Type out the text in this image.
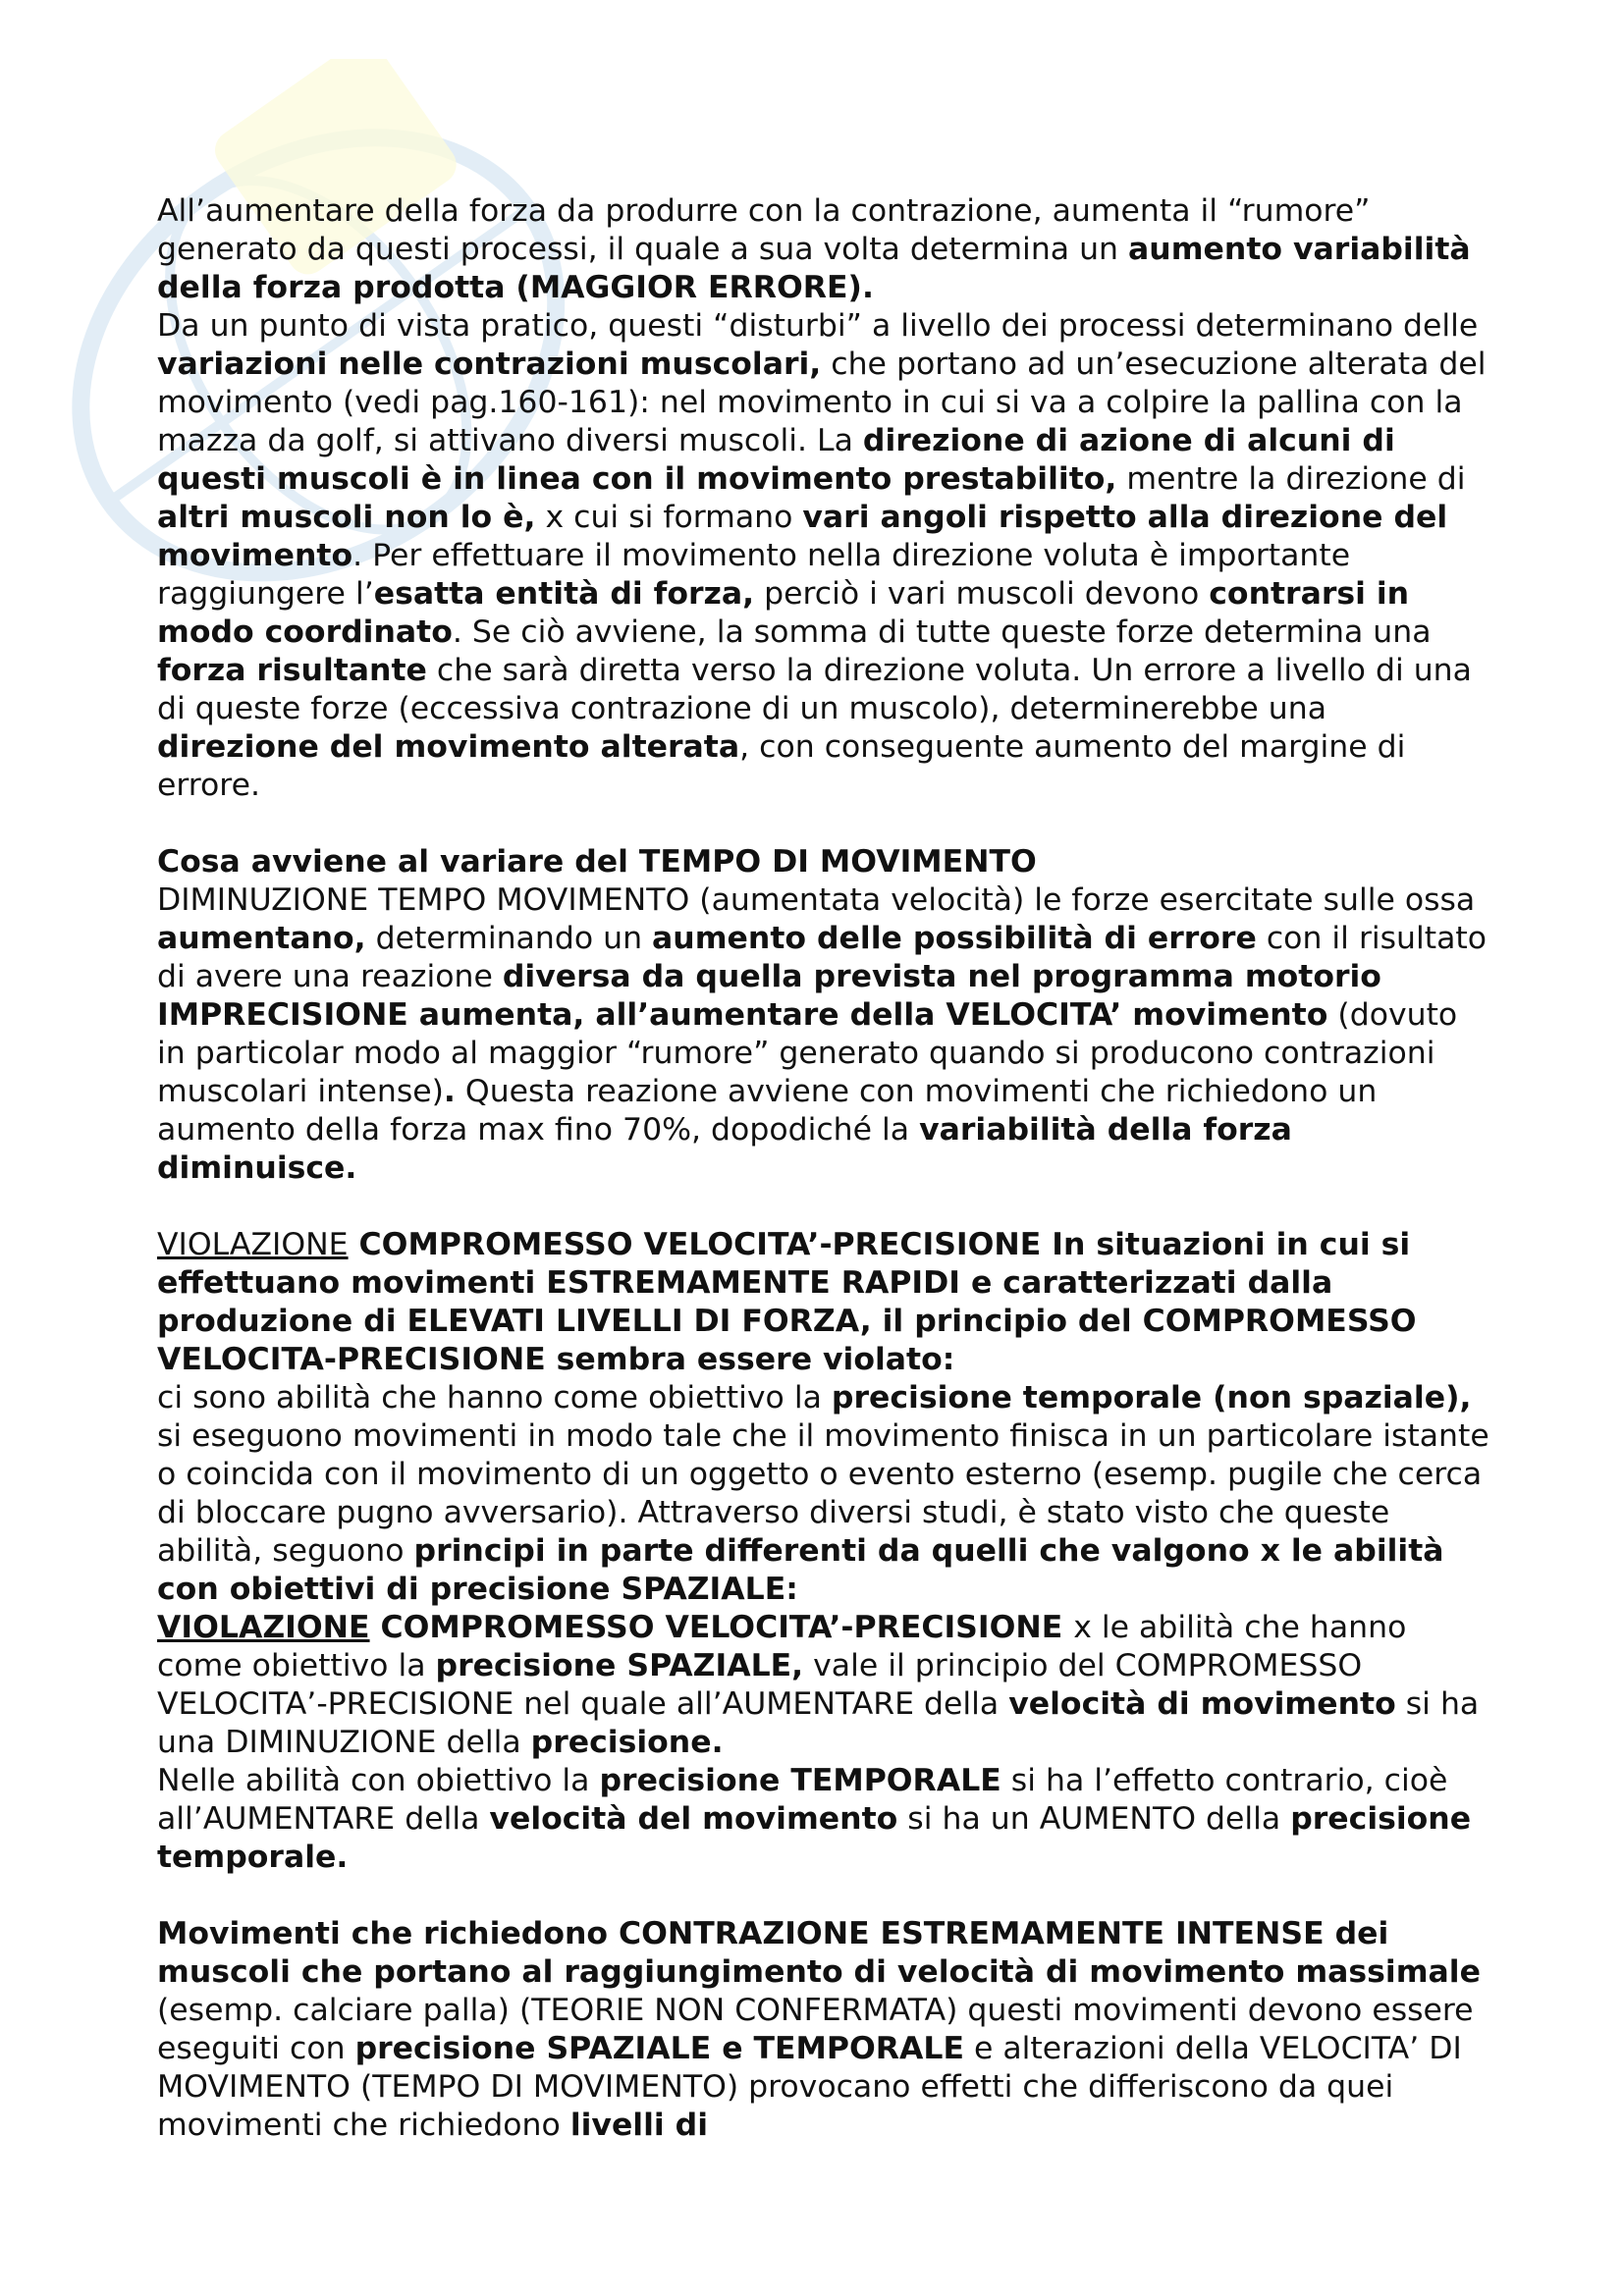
All’aumentare della forza da produrre con la contrazione, aumenta il “rumore” generato da questi processi, il quale a sua volta determina un aumento variabilità della forza prodotta (MAGGIOR ERRORE).

Da un punto di vista pratico, questi “disturbi” a livello dei processi determinano delle variazioni nelle contrazioni muscolari, che portano ad un’esecuzione alterata del movimento (vedi pag.160-161): nel movimento in cui si va a colpire la pallina con la mazza da golf, si attivano diversi muscoli. La direzione di azione di alcuni di questi muscoli è in linea con il movimento prestabilito, mentre la direzione di altri muscoli non lo è, x cui si formano vari angoli rispetto alla direzione del movimento. Per effettuare il movimento nella direzione voluta è importante raggiungere l’esatta entità di forza, perciò i vari muscoli devono contrarsi in modo coordinato. Se ciò avviene, la somma di tutte queste forze determina una forza risultante che sarà diretta verso la direzione voluta. Un errore a livello di una di queste forze (eccessiva contrazione di un muscolo), determinerebbe una direzione del movimento alterata, con conseguente aumento del margine di errore.

Cosa avviene al variare del TEMPO DI MOVIMENTO

DIMINUZIONE TEMPO MOVIMENTO (aumentata velocità) le forze esercitate sulle ossa aumentano, determinando un aumento delle possibilità di errore con il risultato di avere una reazione diversa da quella prevista nel programma motorio IMPRECISIONE aumenta, all’aumentare della VELOCITA’ movimento (dovuto in particolar modo al maggior “rumore” generato quando si producono contrazioni muscolari intense). Questa reazione avviene con movimenti che richiedono un aumento della forza max fino 70%, dopodiché la variabilità della forza diminuisce.

VIOLAZIONE COMPROMESSO VELOCITA’-PRECISIONE In situazioni in cui si effettuano movimenti ESTREMAMENTE RAPIDI e caratterizzati dalla produzione di ELEVATI LIVELLI DI FORZA, il principio del COMPROMESSO VELOCITA-PRECISIONE sembra essere violato:

ci sono abilità che hanno come obiettivo la precisione temporale (non spaziale), si eseguono movimenti in modo tale che il movimento finisca in un particolare istante o coincida con il movimento di un oggetto o evento esterno (esemp. pugile che cerca di bloccare pugno avversario). Attraverso diversi studi, è stato visto che queste abilità, seguono principi in parte differenti da quelli che valgono x le abilità con obiettivi di precisione SPAZIALE:

VIOLAZIONE COMPROMESSO VELOCITA’-PRECISIONE x le abilità che hanno come obiettivo la precisione SPAZIALE, vale il principio del COMPROMESSO VELOCITA’-PRECISIONE nel quale all’AUMENTARE della velocità di movimento si ha una DIMINUZIONE della precisione.

Nelle abilità con obiettivo la precisione TEMPORALE si ha l’effetto contrario, cioè all’AUMENTARE della velocità del movimento si ha un AUMENTO della precisione temporale.

Movimenti che richiedono CONTRAZIONE ESTREMAMENTE INTENSE dei muscoli che portano al raggiungimento di velocità di movimento massimale (esemp. calciare palla) (TEORIE NON CONFERMATA) questi movimenti devono essere eseguiti con precisione SPAZIALE e TEMPORALE e alterazioni della VELOCITA’ DI MOVIMENTO (TEMPO DI MOVIMENTO) provocano effetti che differiscono da quei movimenti che richiedono livelli di
